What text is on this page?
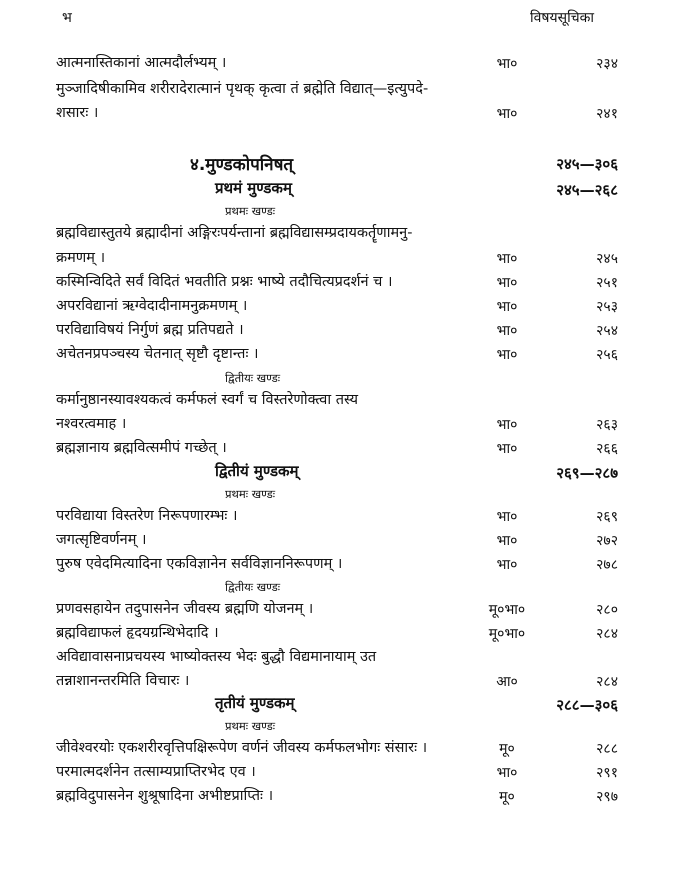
भ	विषयसूचिका
आत्मनास्तिकानां आत्मदौर्लभ्यम् ।	भा०	२३४
मुञ्जादिषीकामिव शरीरादेरात्मानं पृथक् कृत्वा तं ब्रह्मेति विद्यात्—इत्युपदे-
शसारः ।	भा०	२४१
४.मुण्डकोपनिषत्	२४५—३०६
प्रथमं मुण्डकम्	२४५—२६८
प्रथमः खण्डः
ब्रह्मविद्यास्तुतये ब्रह्मादीनां अङ्गिरःपर्यन्तानां ब्रह्मविद्यासम्प्रदायकर्तॄणामनु-
क्रमणम् ।	भा०	२४५
कस्मिन्विदिते सर्वं विदितं भवतीति प्रश्नः भाष्ये तदौचित्यप्रदर्शनं च ।	भा०	२५१
अपरविद्यानां ऋग्वेदादीनामनुक्रमणम् ।	भा०	२५३
परविद्याविषयं निर्गुणं ब्रह्म प्रतिपद्यते ।	भा०	२५४
अचेतनप्रपञ्चस्य चेतनात् सृष्टौ दृष्टान्तः ।	भा०	२५६
द्वितीयः खण्डः
कर्मानुष्ठानस्यावश्यकत्वं कर्मफलं स्वर्गं च विस्तरेणोक्त्वा तस्य
नश्वरत्वमाह ।	भा०	२६३
ब्रह्मज्ञानाय ब्रह्मवित्समीपं गच्छेत् ।	भा०	२६६
द्वितीयं मुण्डकम्	२६९—२८७
प्रथमः खण्डः
परविद्याया विस्तरेण निरूपणारम्भः ।	भा०	२६९
जगत्सृष्टिवर्णनम् ।	भा०	२७२
पुरुष एवेदमित्यादिना एकविज्ञानेन सर्वविज्ञाननिरूपणम् ।	भा०	२७८
द्वितीयः खण्डः
प्रणवसहायेन तदुपासनेन जीवस्य ब्रह्मणि योजनम् ।	मू०भा०	२८०
ब्रह्मविद्याफलं हृदयग्रन्थिभेदादि ।	मू०भा०	२८४
अविद्यावासनाप्रचयस्य भाष्योक्तस्य भेदः बुद्धौ विद्यमानायाम् उत
तन्नाशानन्तरमिति विचारः ।	आ०	२८४
तृतीयं मुण्डकम्	२८८—३०६
प्रथमः खण्डः
जीवेश्वरयोः एकशरीरवृत्तिपक्षिरूपेण वर्णनं जीवस्य कर्मफलभोगः संसारः ।	मू०	२८८
परमात्मदर्शनेन तत्साम्यप्राप्तिरभेद एव ।	भा०	२९१
ब्रह्मविदुपासनेन शुश्रूषादिना अभीष्टप्राप्तिः ।	मू०	२९७
